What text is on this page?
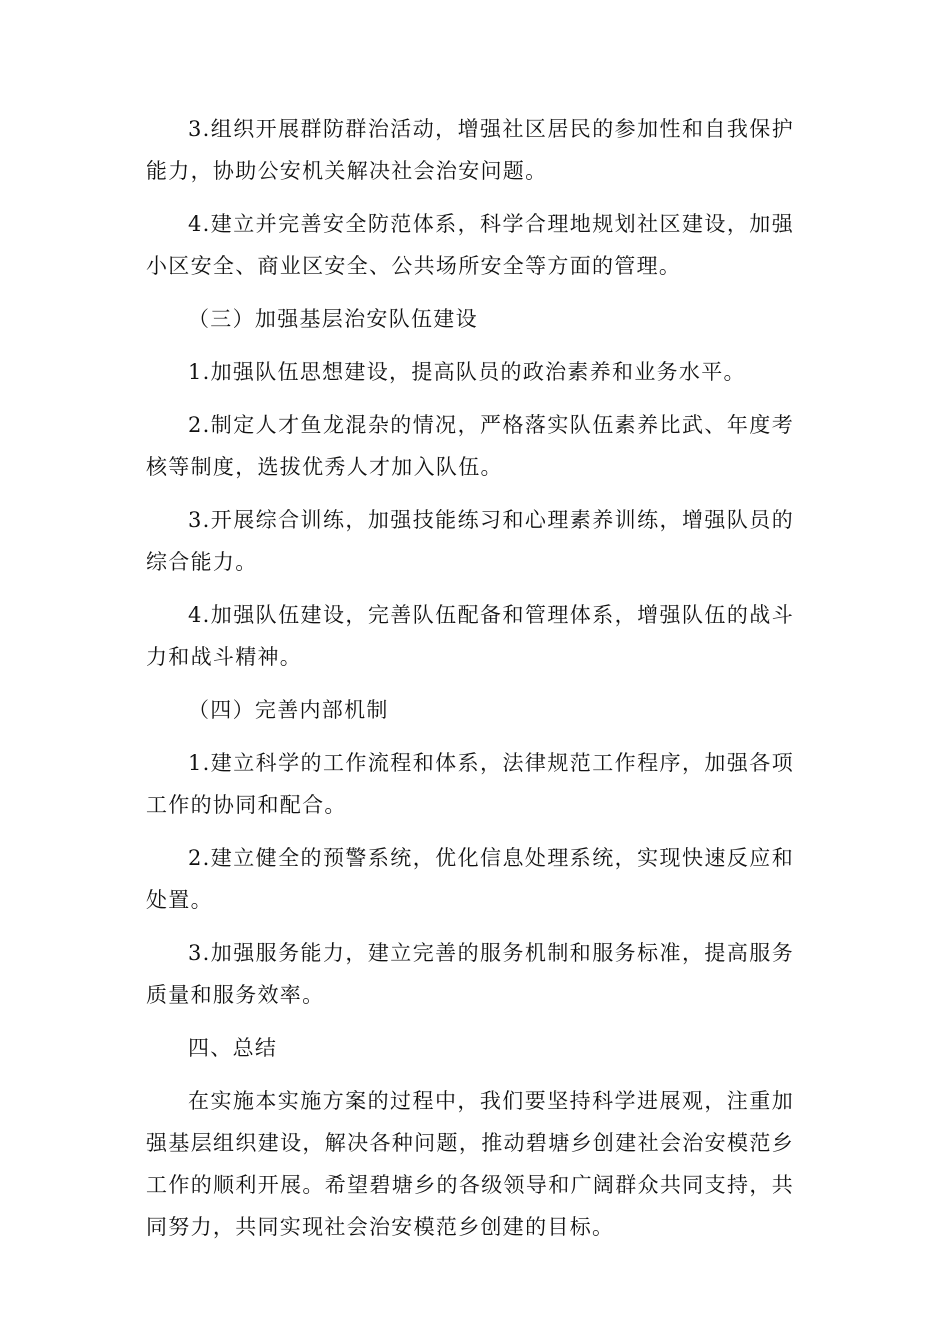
3.组织开展群防群治活动，增强社区居民的参加性和自我保护能力，协助公安机关解决社会治安问题。

4.建立并完善安全防范体系，科学合理地规划社区建设，加强小区安全、商业区安全、公共场所安全等方面的管理。

（三）加强基层治安队伍建设

1.加强队伍思想建设，提高队员的政治素养和业务水平。

2.制定人才鱼龙混杂的情况，严格落实队伍素养比武、年度考核等制度，选拔优秀人才加入队伍。

3.开展综合训练，加强技能练习和心理素养训练，增强队员的综合能力。

4.加强队伍建设，完善队伍配备和管理体系，增强队伍的战斗力和战斗精神。

（四）完善内部机制

1.建立科学的工作流程和体系，法律规范工作程序，加强各项工作的协同和配合。

2.建立健全的预警系统，优化信息处理系统，实现快速反应和处置。

3.加强服务能力，建立完善的服务机制和服务标准，提高服务质量和服务效率。

四、总结

在实施本实施方案的过程中，我们要坚持科学进展观，注重加强基层组织建设，解决各种问题，推动碧塘乡创建社会治安模范乡工作的顺利开展。希望碧塘乡的各级领导和广阔群众共同支持，共同努力，共同实现社会治安模范乡创建的目标。
